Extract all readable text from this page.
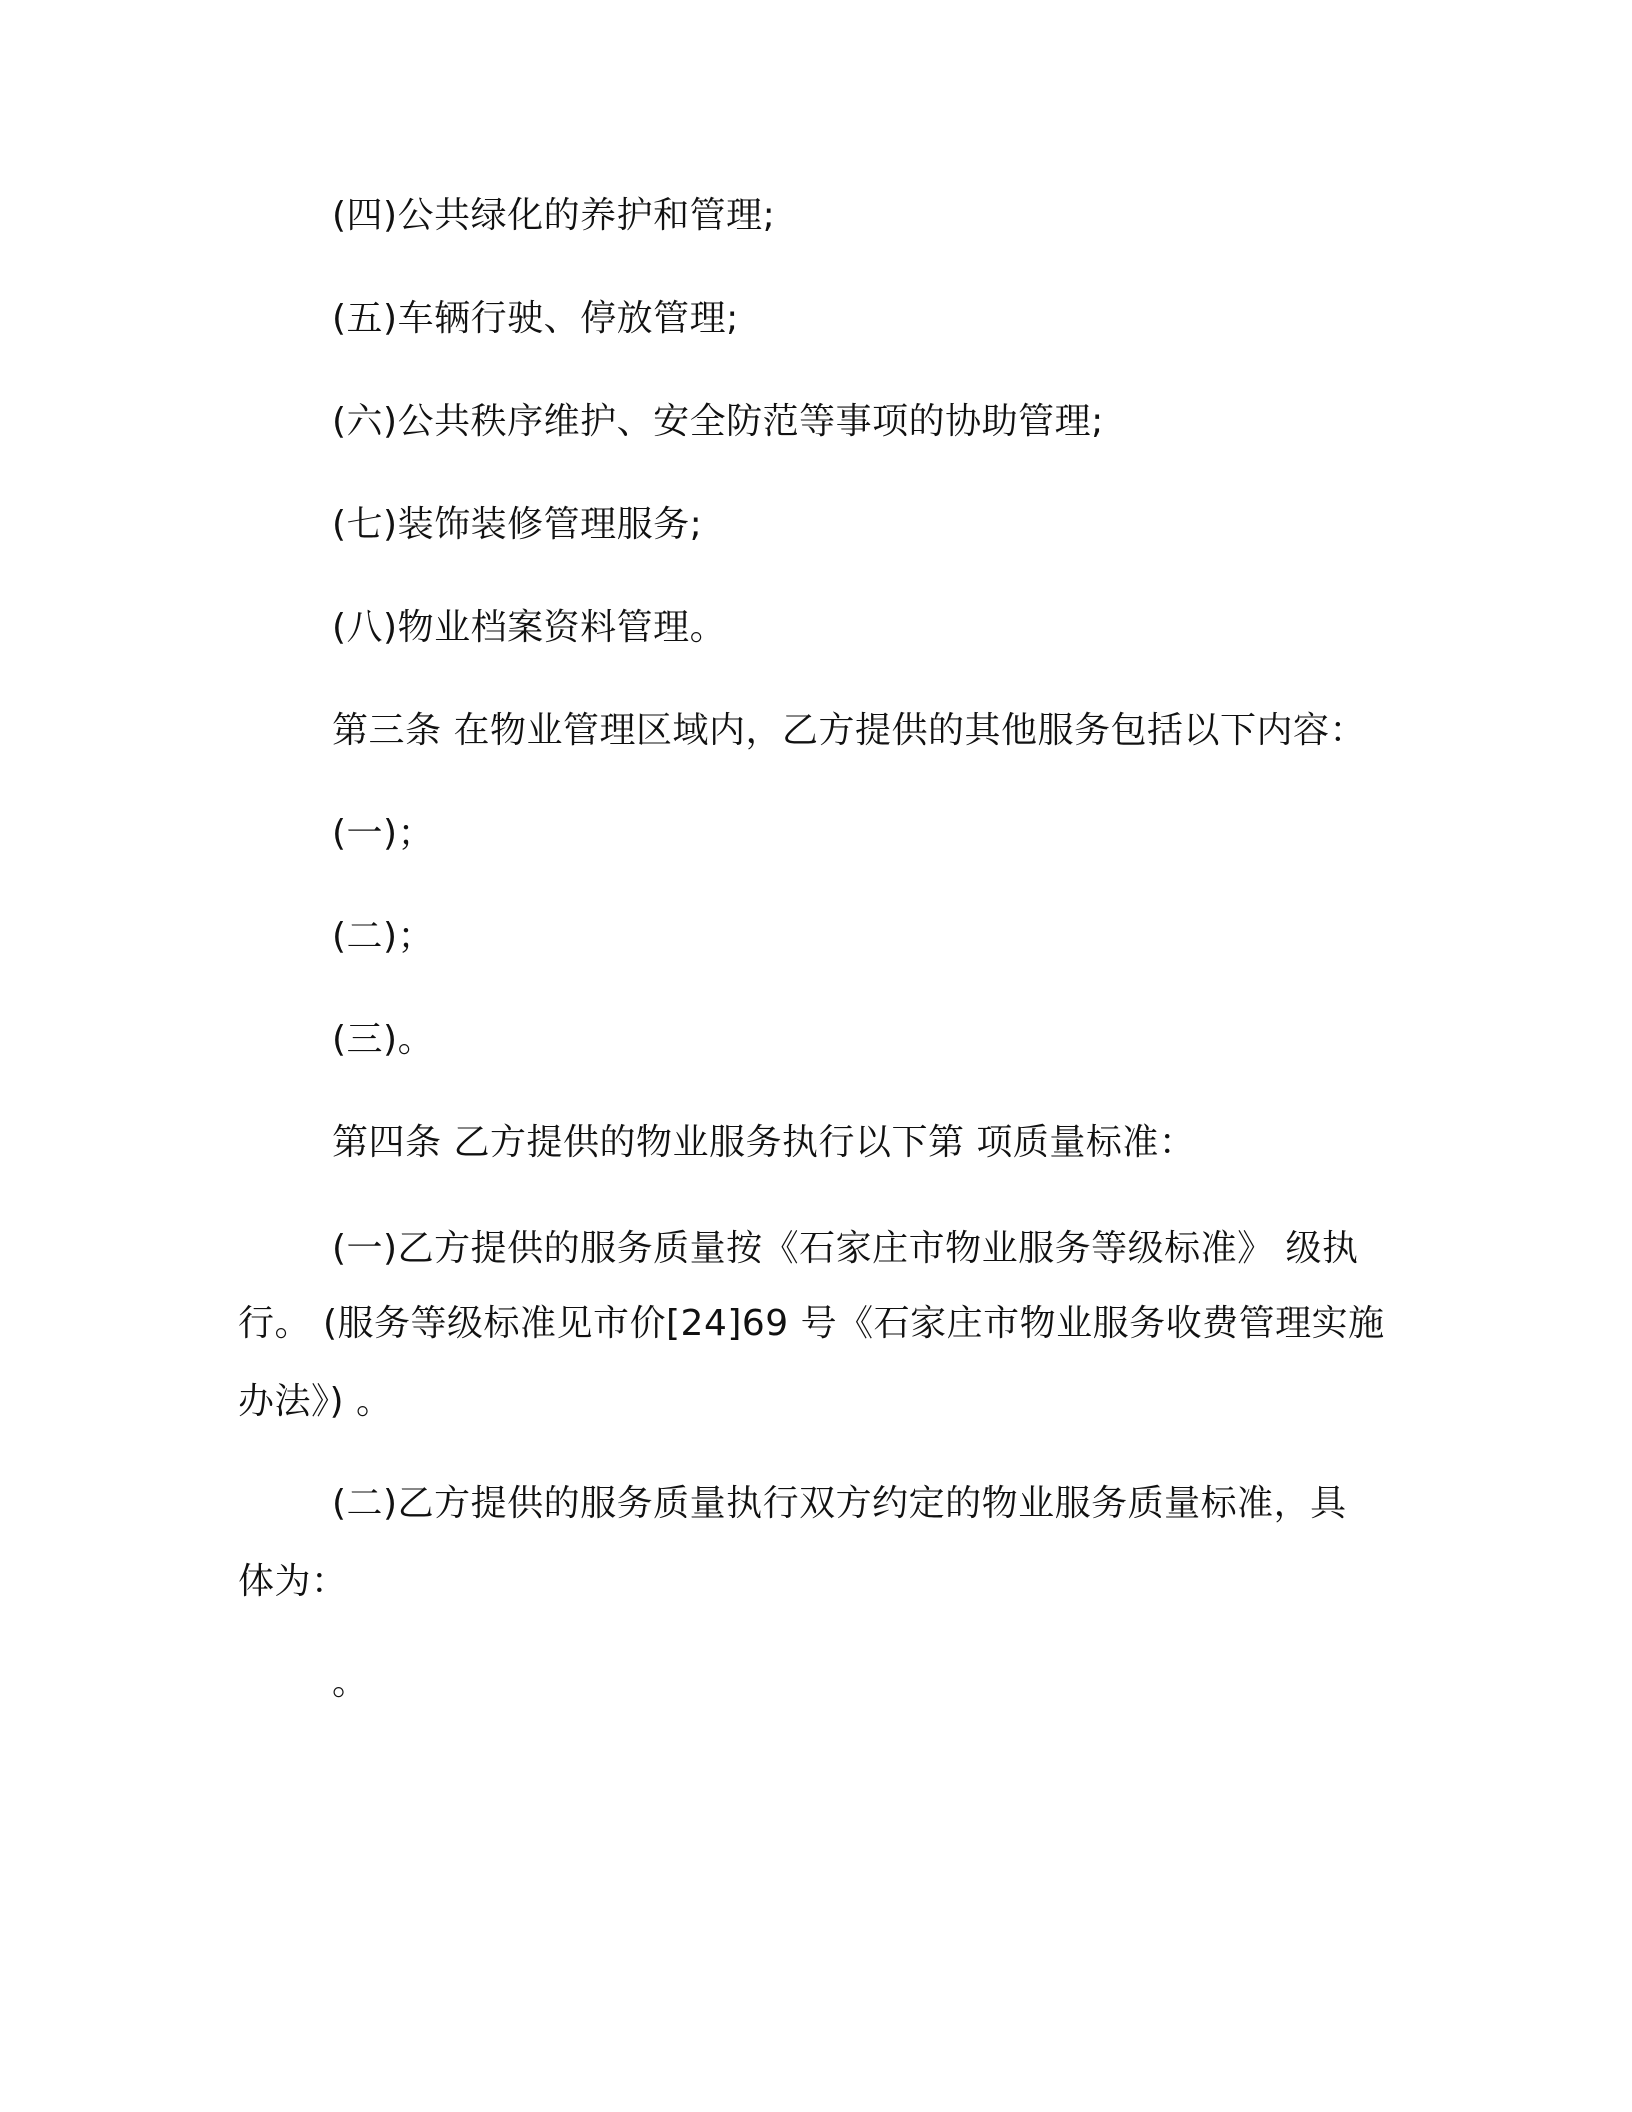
(四)公共绿化的养护和管理;
(五)车辆行驶、停放管理;
(六)公共秩序维护、安全防范等事项的协助管理;
(七)装饰装修管理服务;
(八)物业档案资料管理。
第三条 在物业管理区域内，乙方提供的其他服务包括以下内容：
(一)；
(二)；
(三)。
第四条 乙方提供的物业服务执行以下第 项质量标准：
(一)乙方提供的服务质量按《石家庄市物业服务等级标准》 级执
行。 (服务等级标准见市价[24]69 号《石家庄市物业服务收费管理实施
办法》) 。
(二)乙方提供的服务质量执行双方约定的物业服务质量标准，具
体为：
。
